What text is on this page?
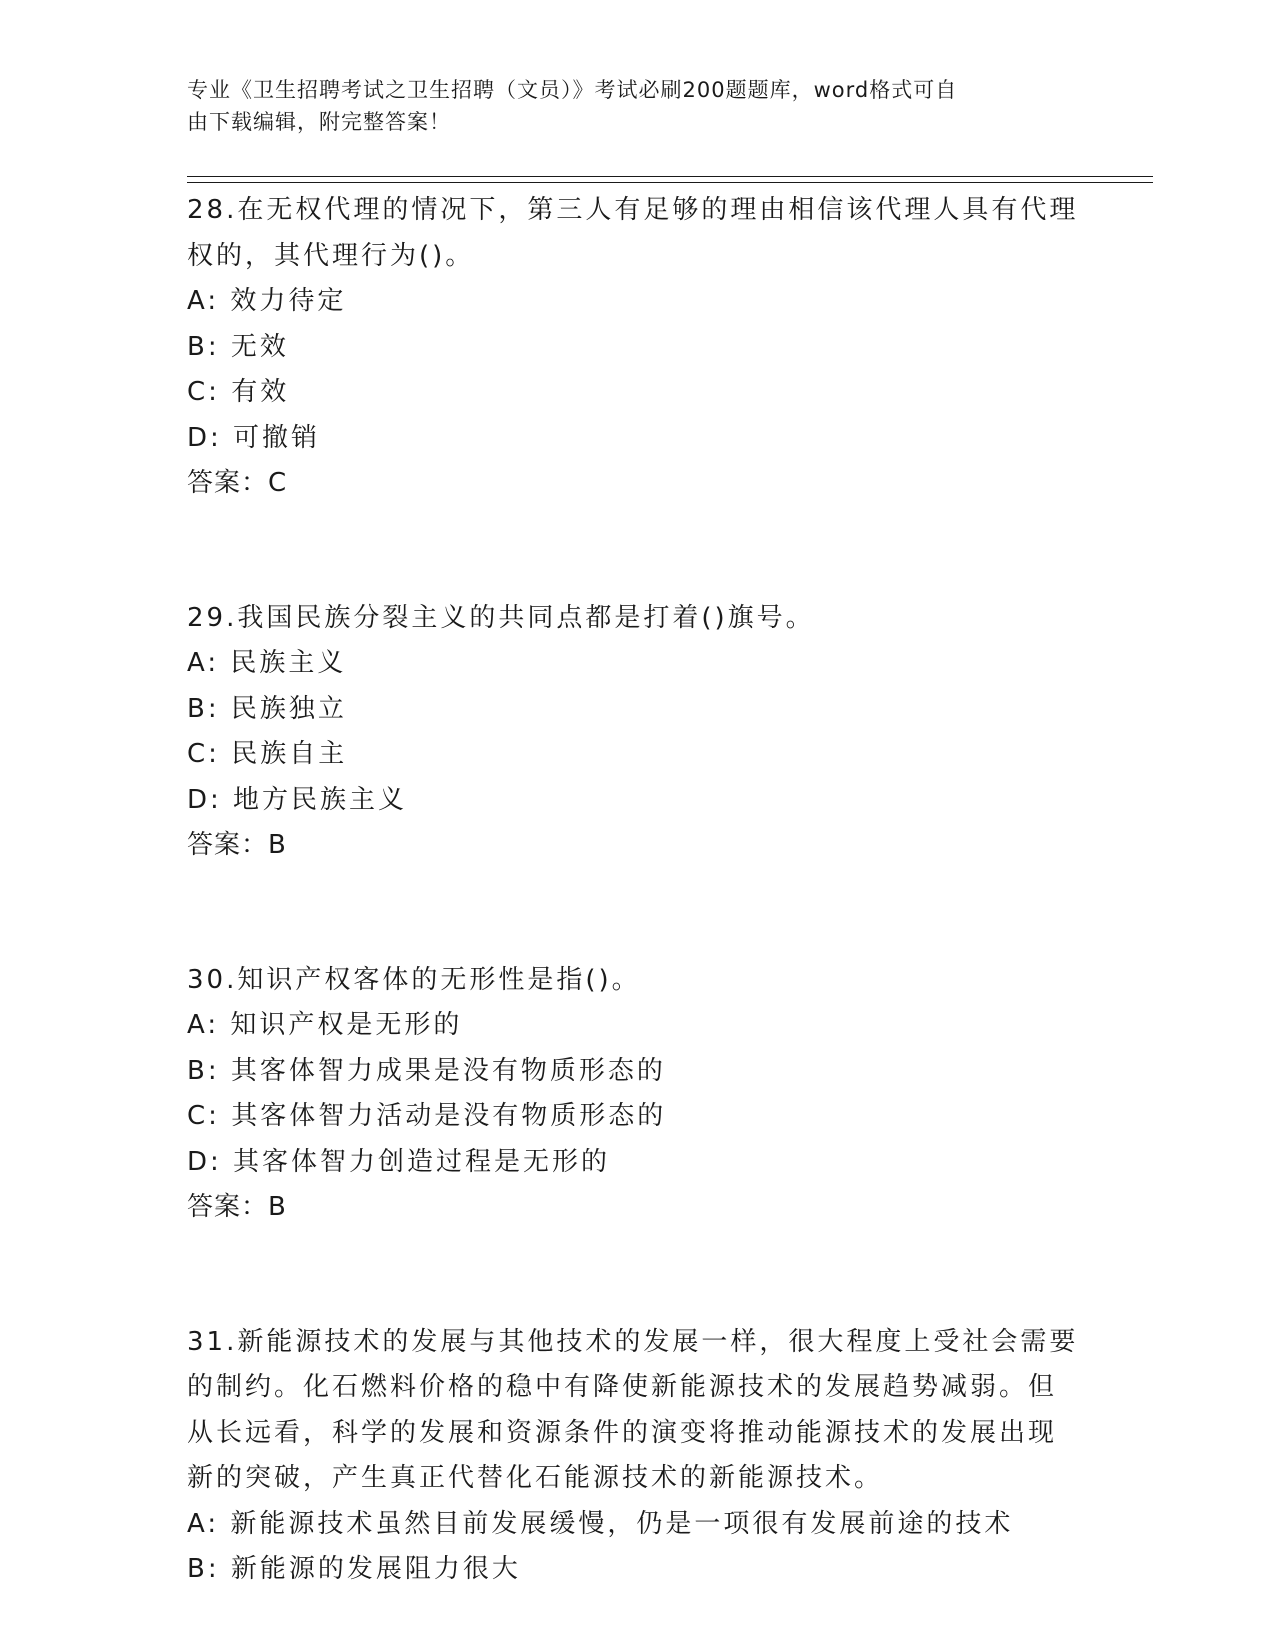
专业《卫生招聘考试之卫生招聘（文员）》考试必刷200题题库，word格式可自
由下载编辑，附完整答案！
28.在无权代理的情况下，第三人有足够的理由相信该代理人具有代理
权的，其代理行为()。
A: 效力待定
B: 无效
C: 有效
D: 可撤销
答案：C
29.我国民族分裂主义的共同点都是打着()旗号。
A: 民族主义
B: 民族独立
C: 民族自主
D: 地方民族主义
答案：B
30.知识产权客体的无形性是指()。
A: 知识产权是无形的
B: 其客体智力成果是没有物质形态的
C: 其客体智力活动是没有物质形态的
D: 其客体智力创造过程是无形的
答案：B
31.新能源技术的发展与其他技术的发展一样，很大程度上受社会需要
的制约。化石燃料价格的稳中有降使新能源技术的发展趋势减弱。但
从长远看，科学的发展和资源条件的演变将推动能源技术的发展出现
新的突破，产生真正代替化石能源技术的新能源技术。
A: 新能源技术虽然目前发展缓慢，仍是一项很有发展前途的技术
B: 新能源的发展阻力很大
